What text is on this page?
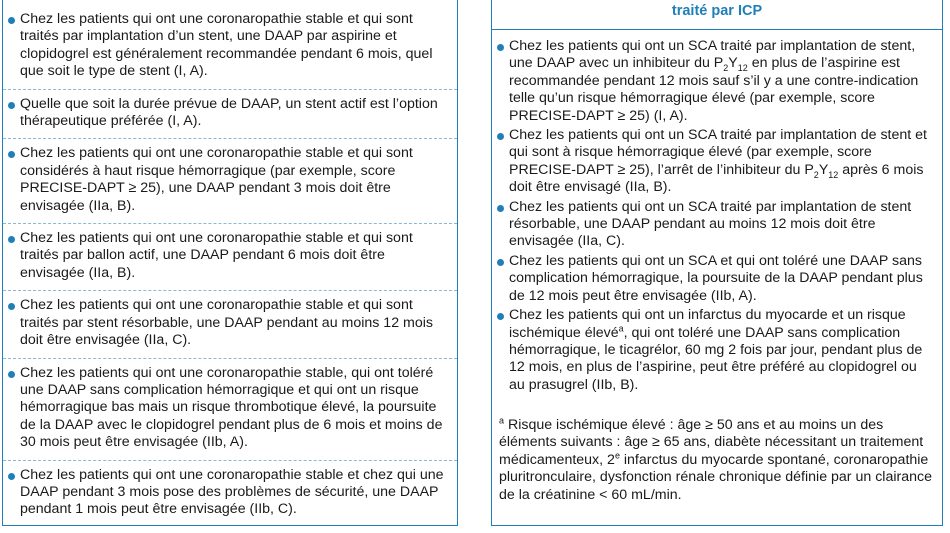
Chez les patients qui ont une coronaropathie stable et qui sont traités par implantation d’un stent, une DAAP par aspirine et clopidogrel est généralement recommandée pendant 6 mois, quel que soit le type de stent (I, A).
Quelle que soit la durée prévue de DAAP, un stent actif est l’option thérapeutique préférée (I, A).
Chez les patients qui ont une coronaropathie stable et qui sont considérés à haut risque hémorragique (par exemple, score PRECISE-DAPT ≥ 25), une DAAP pendant 3 mois doit être envisagée (IIa, B).
Chez les patients qui ont une coronaropathie stable et qui sont traités par ballon actif, une DAAP pendant 6 mois doit être envisagée (IIa, B).
Chez les patients qui ont une coronaropathie stable et qui sont traités par stent résorbable, une DAAP pendant au moins 12 mois doit être envisagée (IIa, C).
Chez les patients qui ont une coronaropathie stable, qui ont toléré une DAAP sans complication hémorragique et qui ont un risque hémorragique bas mais un risque thrombotique élevé, la poursuite de la DAAP avec le clopidogrel pendant plus de 6 mois et moins de 30 mois peut être envisagée (IIb, A).
Chez les patients qui ont une coronaropathie stable et chez qui une DAAP pendant 3 mois pose des problèmes de sécurité, une DAAP pendant 1 mois peut être envisagée (IIb, C).
traité par ICP
Chez les patients qui ont un SCA traité par implantation de stent, une DAAP avec un inhibiteur du $P_2Y_{12}$ en plus de l’aspirine est recommandée pendant 12 mois sauf s’il y a une contre-indication telle qu’un risque hémorragique élevé (par exemple, score PRECISE-DAPT ≥ 25) (I, A).
Chez les patients qui ont un SCA traité par implantation de stent et qui sont à risque hémorragique élevé (par exemple, score PRECISE-DAPT ≥ 25), l’arrêt de l’inhibiteur du $P_2Y_{12}$ après 6 mois doit être envisagé (IIa, B).
Chez les patients qui ont un SCA traité par implantation de stent résorbable, une DAAP pendant au moins 12 mois doit être envisagée (IIa, C).
Chez les patients qui ont un SCA et qui ont toléré une DAAP sans complication hémorragique, la poursuite de la DAAP pendant plus de 12 mois peut être envisagée (IIb, A).
Chez les patients qui ont un infarctus du myocarde et un risque ischémique élevé$^a$, qui ont toléré une DAAP sans complication hémorragique, le ticagrélor, 60 mg 2 fois par jour, pendant plus de 12 mois, en plus de l’aspirine, peut être préféré au clopidogrel ou au prasugrel (IIb, B).
$^a$ Risque ischémique élevé : âge ≥ 50 ans et au moins un des éléments suivants : âge ≥ 65 ans, diabète nécessitant un traitement médicamenteux, 2e infarctus du myocarde spontané, coronaropathie pluritronculaire, dysfonction rénale chronique définie par un clairance de la créatinine < 60 mL/min.
